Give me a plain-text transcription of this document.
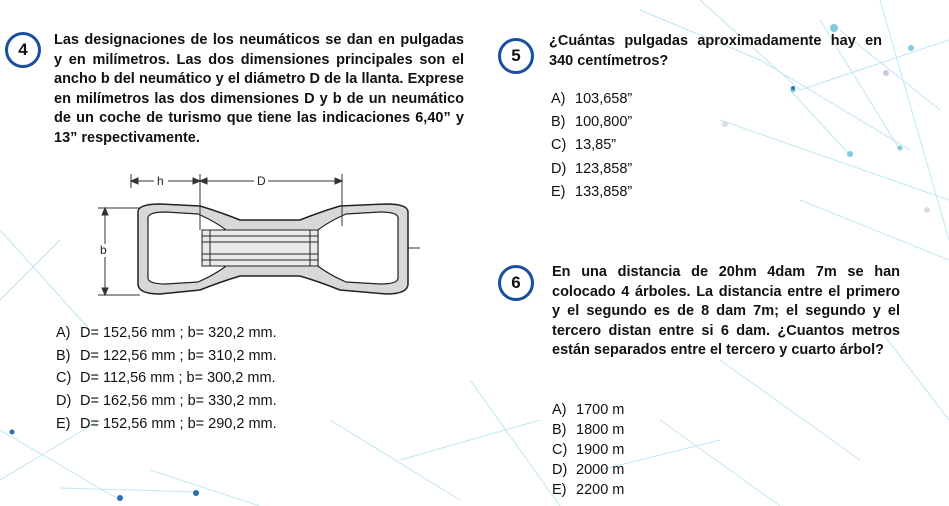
4	Las designaciones de los neumáticos se dan en pulgadas y en milímetros. Las dos dimensiones principales son el ancho b del neumático y el diámetro D de la llanta. Exprese en milímetros las dos dimensiones D y b de un neumático de un coche de turismo que tiene las indicaciones 6,40” y 13” respectivamente.

h	D
b
A) D= 152,56 mm ; b= 320,2 mm.
B) D= 122,56 mm ; b= 310,2 mm.
C) D= 112,56 mm ; b= 300,2 mm.
D) D= 162,56 mm ; b= 330,2 mm.
E) D= 152,56 mm ; b= 290,2 mm.
5

¿Cuántas pulgadas aproximadamente hay en 340 centímetros?

A) 103,658”
B) 100,800”
C) 13,85”
D) 123,858”
E) 133,858”
6

En una distancia de 20hm 4dam 7m se han colocado 4 árboles. La distancia entre el primero y el segundo es de 8 dam 7m; el segundo y el tercero distan entre si 6 dam. ¿Cuantos metros están separados entre el tercero y cuarto árbol?

A) 1700 m
B) 1800 m
C) 1900 m
D) 2000 m
E) 2200 m
